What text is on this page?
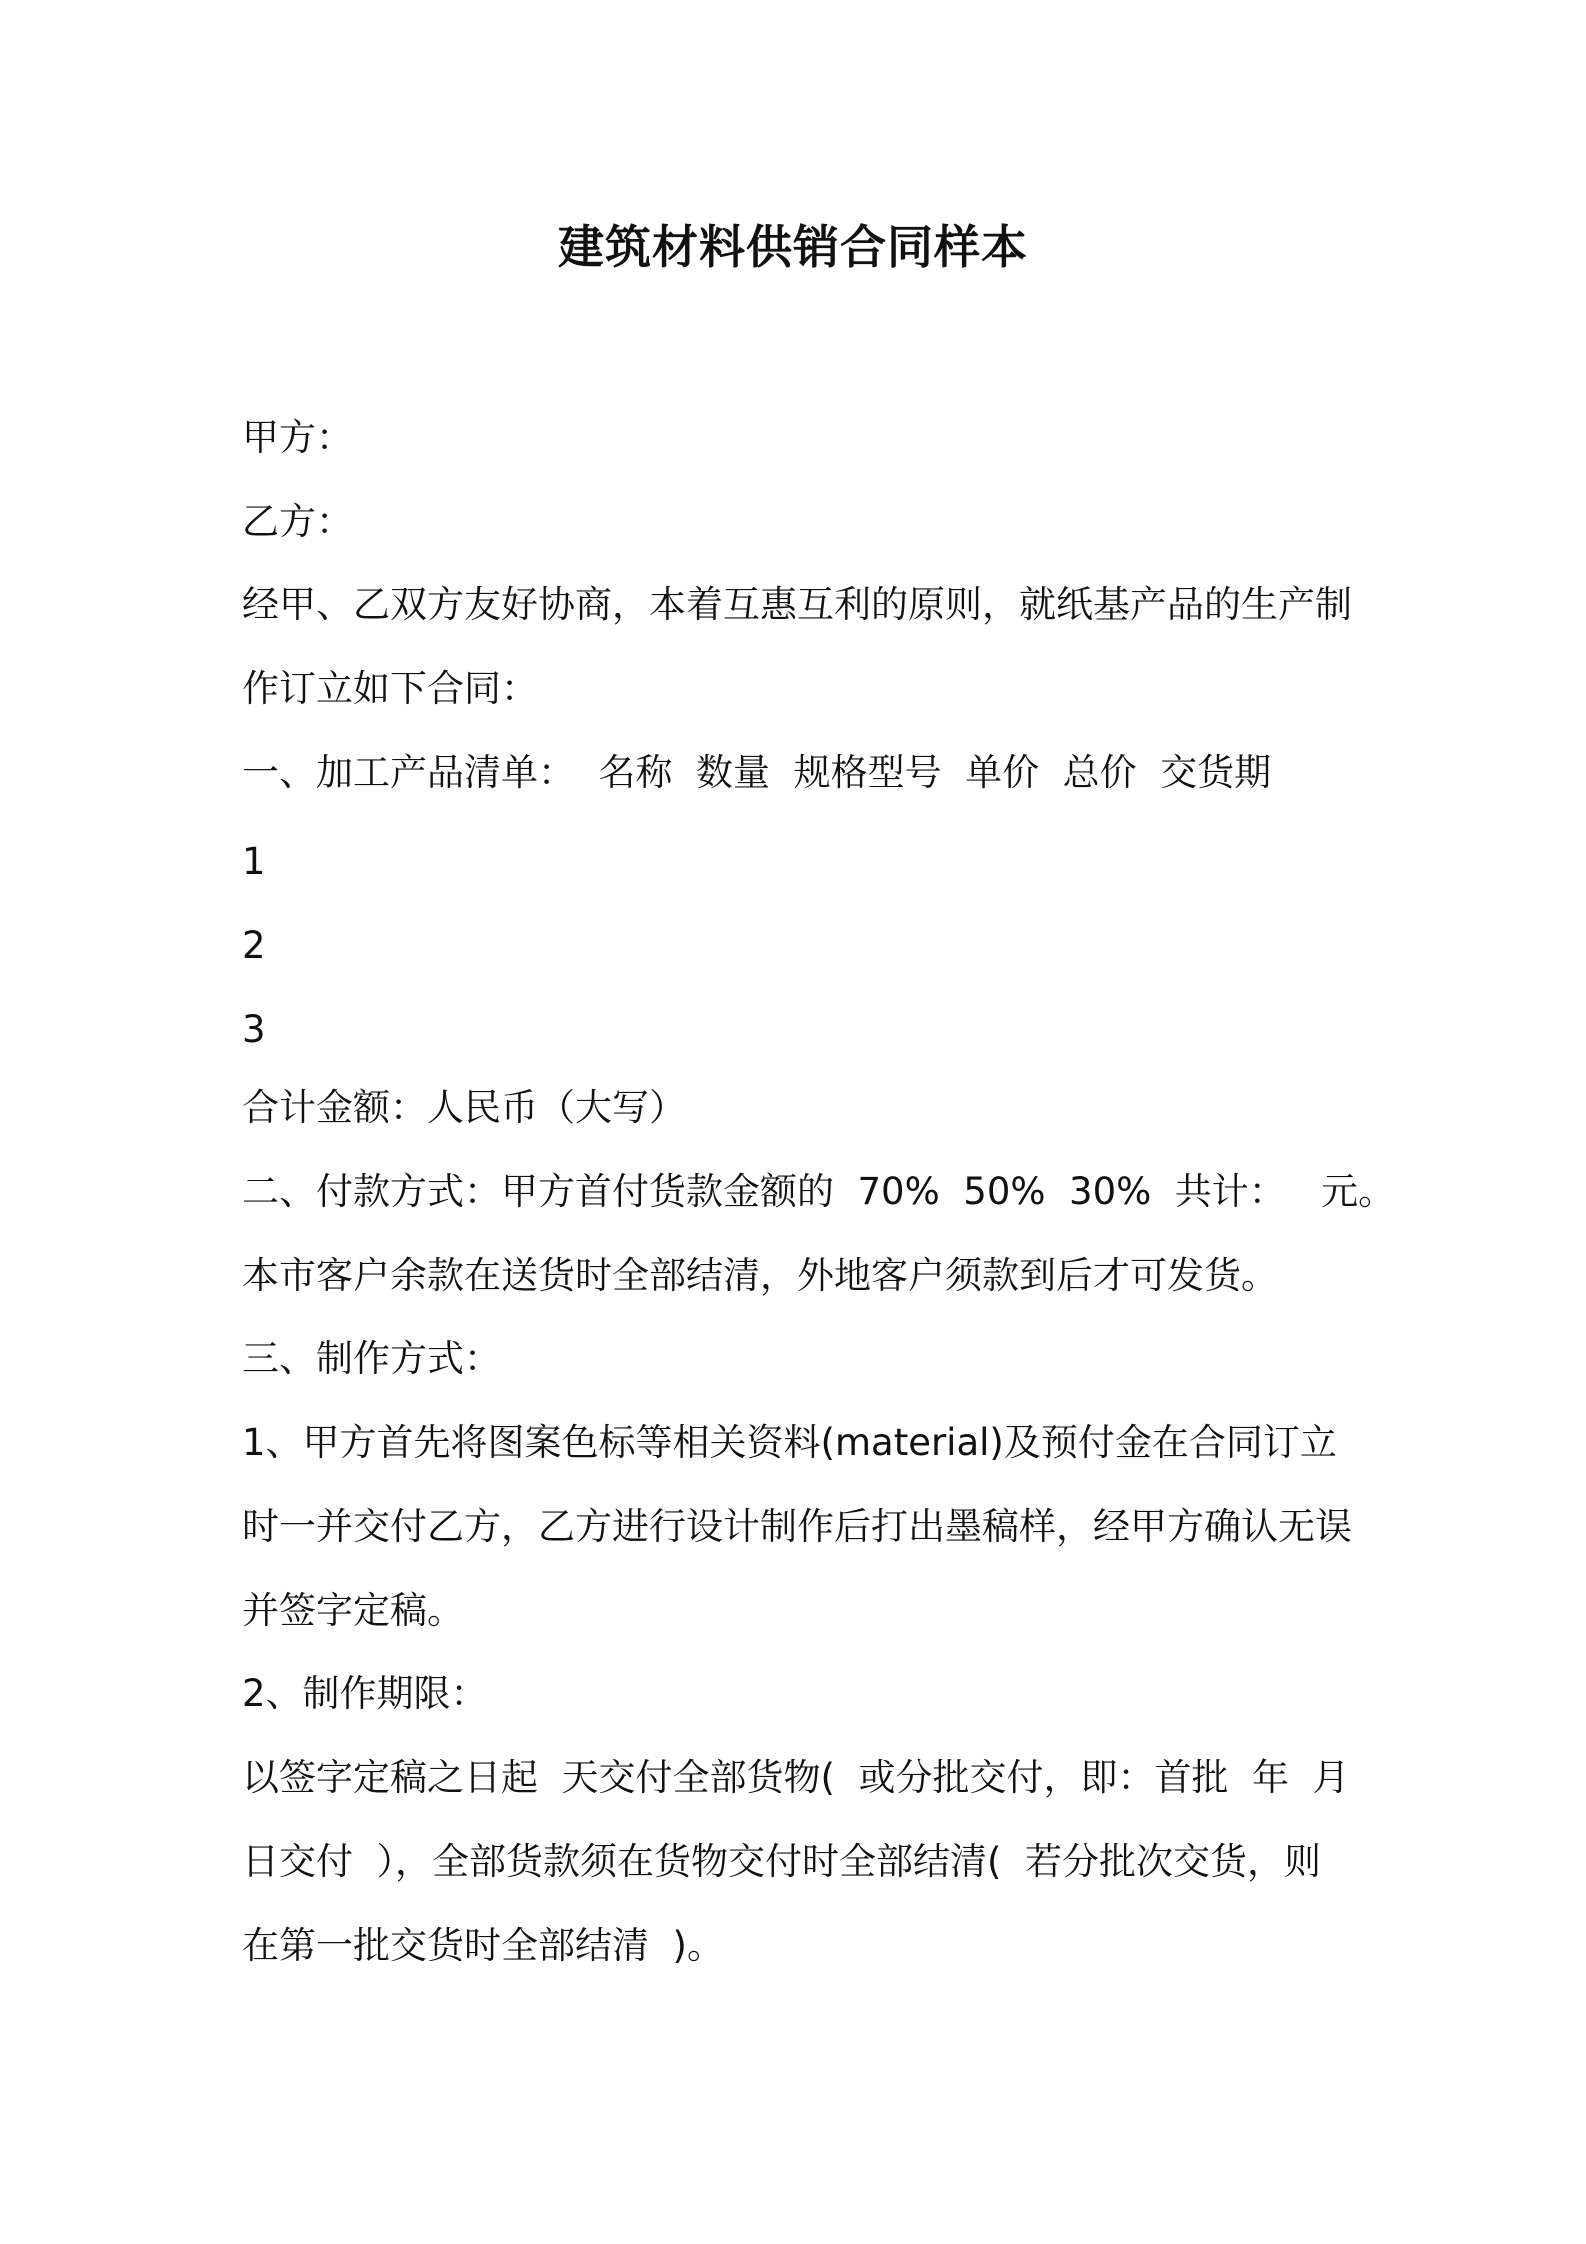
建筑材料供销合同样本

甲方：

乙方：

经甲、乙双方友好协商，本着互惠互利的原则，就纸基产品的生产制

作订立如下合同：

一、加工产品清单：  名称  数量  规格型号  单价  总价  交货期

1

2

3

合计金额：人民币（大写）

二、付款方式：甲方首付货款金额的  70%  50%  30%  共计：   元。

本市客户余款在送货时全部结清，外地客户须款到后才可发货。

三、制作方式：

1、甲方首先将图案色标等相关资料(material)及预付金在合同订立

时一并交付乙方，乙方进行设计制作后打出墨稿样，经甲方确认无误

并签字定稿。

2、制作期限：

以签字定稿之日起  天交付全部货物(  或分批交付，即：首批  年  月

日交付  ），全部货款须在货物交付时全部结清(  若分批次交货，则

在第一批交货时全部结清  )。
